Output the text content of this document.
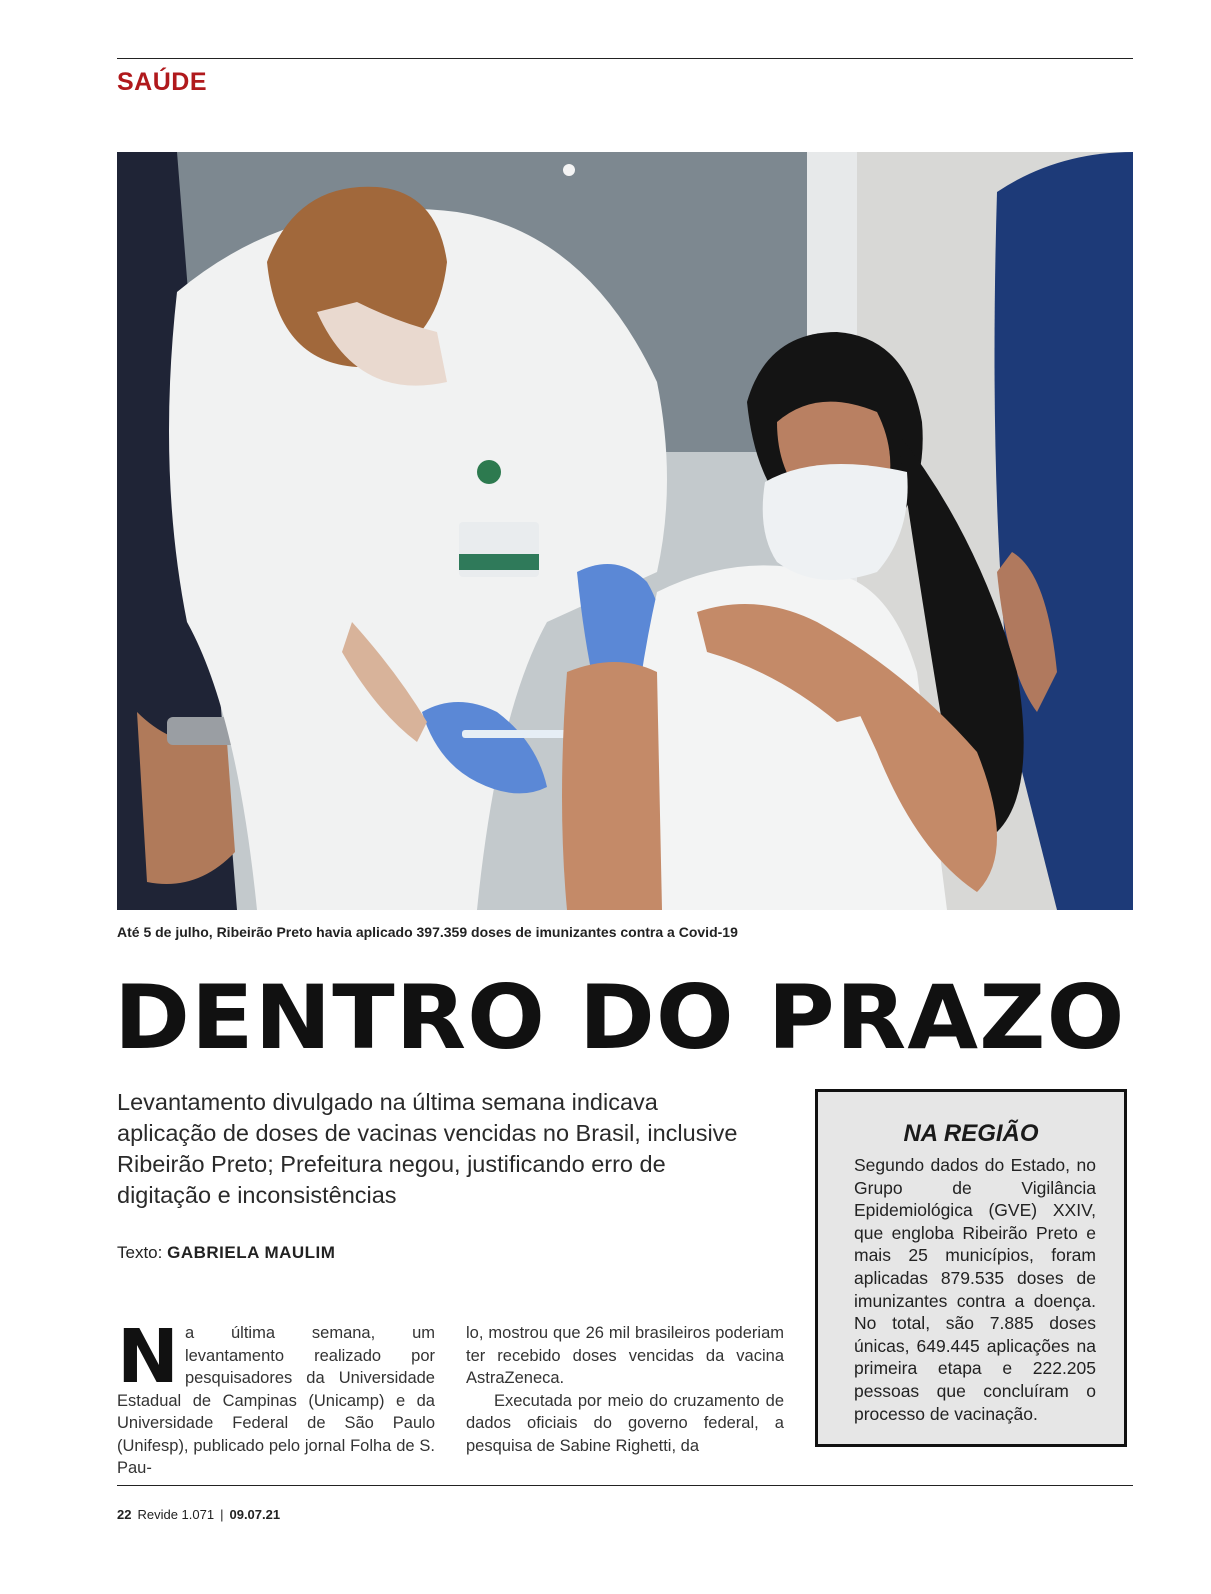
SAÚDE
Até 5 de julho, Ribeirão Preto havia aplicado 397.359 doses de imunizantes contra a Covid-19
DENTRO DO PRAZO
Levantamento divulgado na última semana indicava aplicação de doses de vacinas vencidas no Brasil, inclusive Ribeirão Preto; Prefeitura negou, justificando erro de digitação e inconsistências
Texto: GABRIELA MAULIM
N a última semana, um levantamento realizado por pesquisadores da Universidade Estadual de Campinas (Unicamp) e da Universidade Federal de São Paulo (Unifesp), publicado pelo jornal Folha de S. Pau-

lo, mostrou que 26 mil brasileiros poderiam ter recebido doses vencidas da vacina AstraZeneca.

Executada por meio do cruzamento de dados oficiais do governo federal, a pesquisa de Sabine Righetti, da

NA REGIÃO
Segundo dados do Estado, no Grupo de Vigilância Epidemiológica (GVE) XXIV, que engloba Ribeirão Preto e mais 25 municípios, foram aplicadas 879.535 doses de imunizantes contra a doença. No total, são 7.885 doses únicas, 649.445 aplicações na primeira etapa e 222.205 pessoas que concluíram o processo de vacinação.
22 Revide 1.071 | 09.07.21
